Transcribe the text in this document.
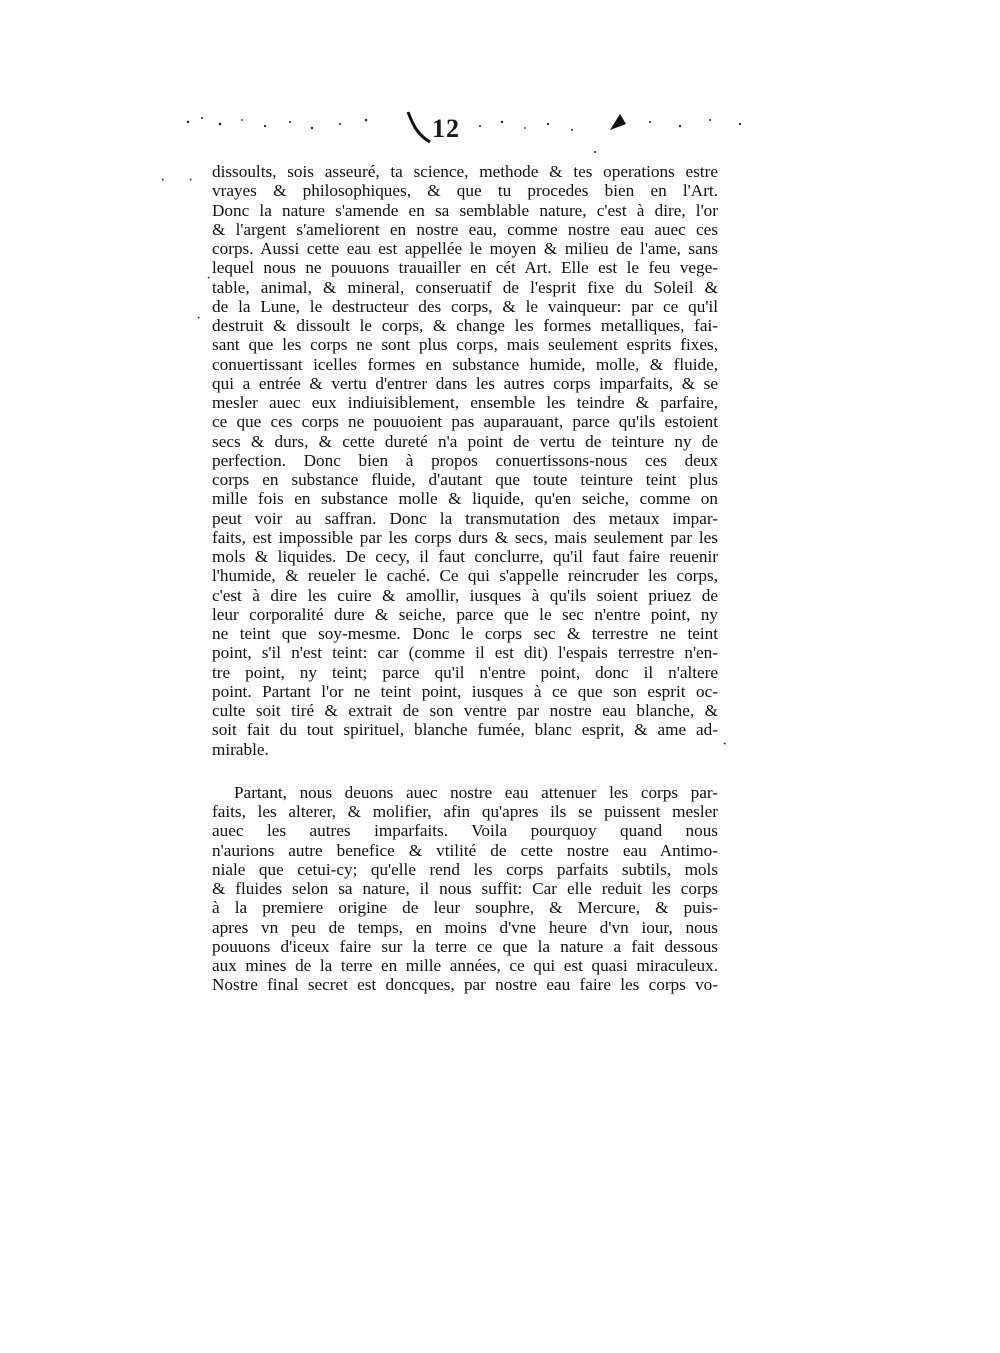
12
· ·
·
·
·
dissoults, sois asseuré, ta science, methode & tes operations estre
vrayes & philosophiques, & que tu procedes bien en l'Art.
Donc la nature s'amende en sa semblable nature, c'est à dire, l'or
& l'argent s'ameliorent en nostre eau, comme nostre eau auec ces
corps. Aussi cette eau est appellée le moyen & milieu de l'ame, sans
lequel nous ne pouuons trauailler en cét Art. Elle est le feu vege-
table, animal, & mineral, conseruatif de l'esprit fixe du Soleil &
de la Lune, le destructeur des corps, & le vainqueur: par ce qu'il
destruit & dissoult le corps, & change les formes metalliques, fai-
sant que les corps ne sont plus corps, mais seulement esprits fixes,
conuertissant icelles formes en substance humide, molle, & fluide,
qui a entrée & vertu d'entrer dans les autres corps imparfaits, & se
mesler auec eux indiuisiblement, ensemble les teindre & parfaire,
ce que ces corps ne pouuoient pas auparauant, parce qu'ils estoient
secs & durs, & cette dureté n'a point de vertu de teinture ny de
perfection. Donc bien à propos conuertissons-nous ces deux
corps en substance fluide, d'autant que toute teinture teint plus
mille fois en substance molle & liquide, qu'en seiche, comme on
peut voir au saffran. Donc la transmutation des metaux impar-
faits, est impossible par les corps durs & secs, mais seulement par les
mols & liquides. De cecy, il faut conclurre, qu'il faut faire reuenir
l'humide, & reueler le caché. Ce qui s'appelle reincruder les corps,
c'est à dire les cuire & amollir, iusques à qu'ils soient priuez de
leur corporalité dure & seiche, parce que le sec n'entre point, ny
ne teint que soy-mesme. Donc le corps sec & terrestre ne teint
point, s'il n'est teint: car (comme il est dit) l'espais terrestre n'en-
tre point, ny teint; parce qu'il n'entre point, donc il n'altere
point. Partant l'or ne teint point, iusques à ce que son esprit oc-
culte soit tiré & extrait de son ventre par nostre eau blanche, &
soit fait du tout spirituel, blanche fumée, blanc esprit, & ame ad-
mirable.
Partant, nous deuons auec nostre eau attenuer les corps par-
faits, les alterer, & molifier, afin qu'apres ils se puissent mesler
auec les autres imparfaits. Voila pourquoy quand nous
n'aurions autre benefice & vtilité de cette nostre eau Antimo-
niale que cetui-cy; qu'elle rend les corps parfaits subtils, mols
& fluides selon sa nature, il nous suffit: Car elle reduit les corps
à la premiere origine de leur souphre, & Mercure, & puis-
apres vn peu de temps, en moins d'vne heure d'vn iour, nous
pouuons d'iceux faire sur la terre ce que la nature a fait dessous
aux mines de la terre en mille années, ce qui est quasi miraculeux.
Nostre final secret est doncques, par nostre eau faire les corps vo-
